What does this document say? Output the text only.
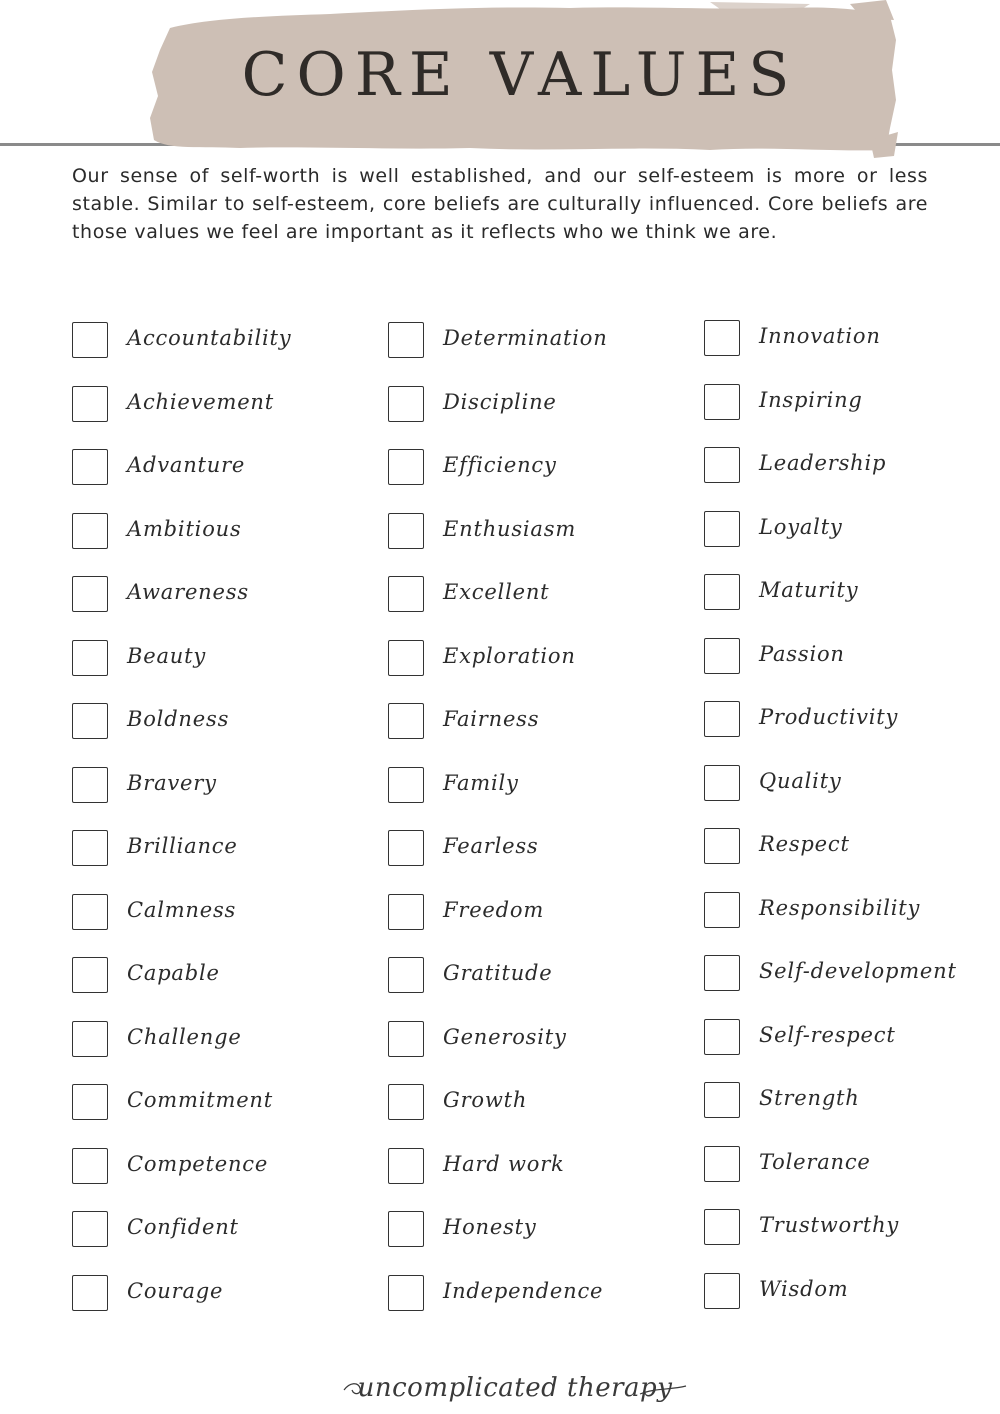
CORE VALUES

Our sense of self-worth is well established, and our self-esteem is more or less stable. Similar to self-esteem, core beliefs are culturally influenced. Core beliefs are those values we feel are important as it reflects who we think we are.

Accountability
Achievement
Advanture
Ambitious
Awareness
Beauty
Boldness
Bravery
Brilliance
Calmness
Capable
Challenge
Commitment
Competence
Confident
Courage
Determination
Discipline
Efficiency
Enthusiasm
Excellent
Exploration
Fairness
Family
Fearless
Freedom
Gratitude
Generosity
Growth
Hard work
Honesty
Independence
Innovation
Inspiring
Leadership
Loyalty
Maturity
Passion
Productivity
Quality
Respect
Responsibility
Self-development
Self-respect
Strength
Tolerance
Trustworthy
Wisdom
uncomplicated therapy
